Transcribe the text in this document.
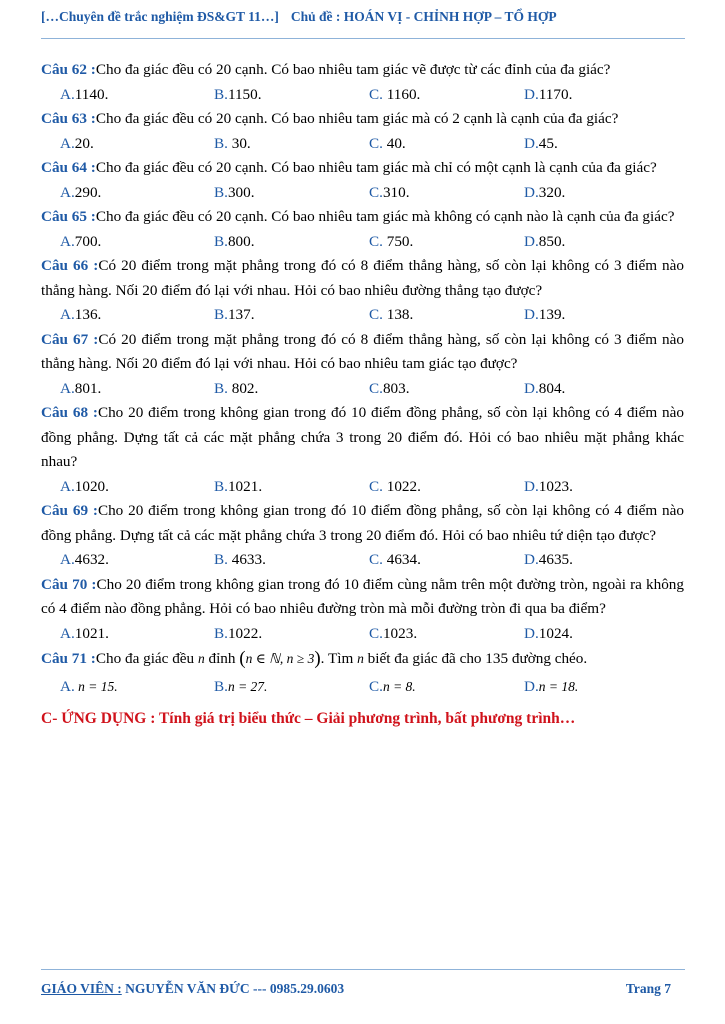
[…Chuyên đề trắc nghiệm ĐS&GT 11…] Chủ đề : HOÁN VỊ - CHỈNH HỢP – TỔ HỢP
Câu 62 :Cho đa giác đều có 20 cạnh. Có bao nhiêu tam giác vẽ được từ các đỉnh của đa giác?
A.1140.	B.1150.	C. 1160.	D.1170.
Câu 63 :Cho đa giác đều có 20 cạnh. Có bao nhiêu tam giác mà có 2 cạnh là cạnh của đa giác?
A.20.	B. 30.	C. 40.	D.45.
Câu 64 :Cho đa giác đều có 20 cạnh. Có bao nhiêu tam giác mà chỉ có một cạnh là cạnh của đa giác?
A.290.	B.300.	C.310.	D.320.
Câu 65 :Cho đa giác đều có 20 cạnh. Có bao nhiêu tam giác mà không có cạnh nào là cạnh của đa giác?
A.700.	B.800.	C. 750.	D.850.
Câu 66 :Có 20 điểm trong mặt phẳng trong đó có 8 điểm thẳng hàng, số còn lại không có 3 điểm nào thẳng hàng. Nối 20 điểm đó lại với nhau. Hỏi có bao nhiêu đường thẳng tạo được?
A.136.	B.137.	C. 138.	D.139.
Câu 67 :Có 20 điểm trong mặt phẳng trong đó có 8 điểm thẳng hàng, số còn lại không có 3 điểm nào thẳng hàng. Nối 20 điểm đó lại với nhau. Hỏi có bao nhiêu tam giác tạo được?
A.801.	B. 802.	C.803.	D.804.
Câu 68 :Cho 20 điểm trong không gian trong đó 10 điểm đồng phẳng, số còn lại không có 4 điểm nào đồng phẳng. Dựng tất cả các mặt phẳng chứa 3 trong 20 điểm đó. Hỏi có bao nhiêu mặt phẳng khác nhau?
A.1020.	B.1021.	C. 1022.	D.1023.
Câu 69 :Cho 20 điểm trong không gian trong đó 10 điểm đồng phẳng, số còn lại không có 4 điểm nào đồng phẳng. Dựng tất cả các mặt phẳng chứa 3 trong 20 điểm đó. Hỏi có bao nhiêu tứ diện tạo được?
A.4632.	B. 4633.	C. 4634.	D.4635.
Câu 70 :Cho 20 điểm trong không gian trong đó 10 điểm cùng nằm trên một đường tròn, ngoài ra không có 4 điểm nào đồng phẳng. Hỏi có bao nhiêu đường tròn mà mỗi đường tròn đi qua ba điểm?
A.1021.	B.1022.	C.1023.	D.1024.
Câu 71 :Cho đa giác đều n đỉnh (n ∈ ℕ, n ≥ 3). Tìm n biết đa giác đã cho 135 đường chéo.
A. n = 15.	B.n = 27.	C.n = 8.	D.n = 18.
C- ỨNG DỤNG : Tính giá trị biểu thức – Giải phương trình, bất phương trình…
GIÁO VIÊN : NGUYỄN VĂN ĐỨC --- 0985.29.0603	Trang 7
